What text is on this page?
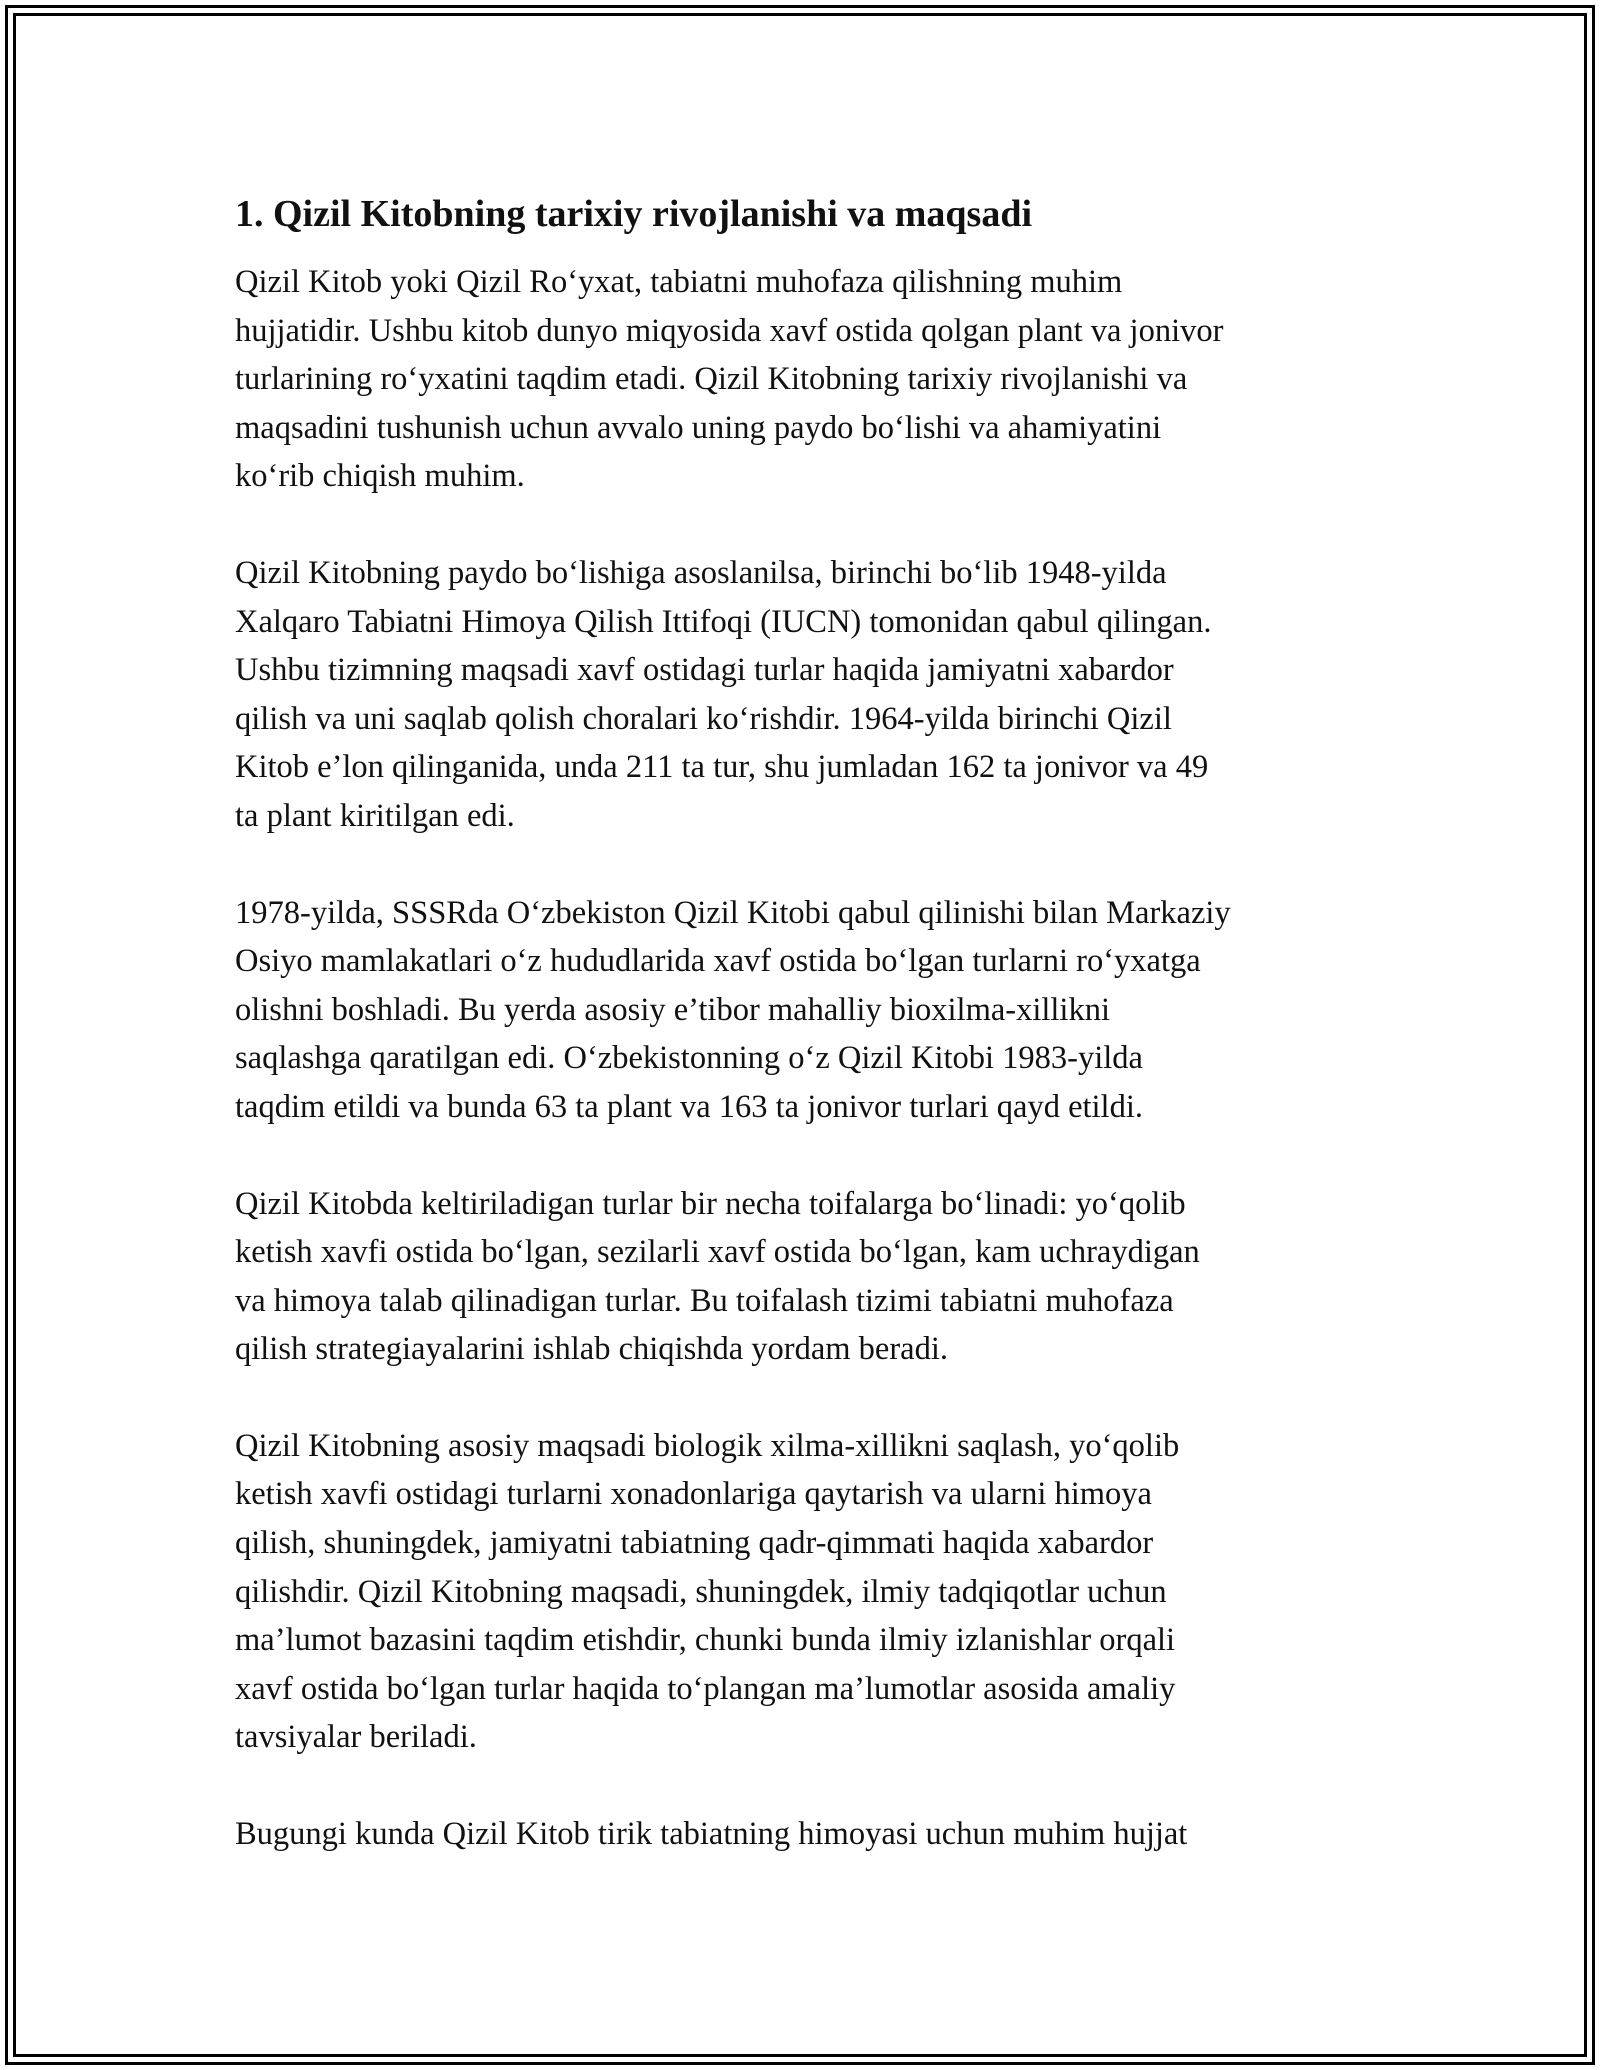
1. Qizil Kitobning tarixiy rivojlanishi va maqsadi

Qizil Kitob yoki Qizil Ro‘yxat, tabiatni muhofaza qilishning muhim
hujjatidir. Ushbu kitob dunyo miqyosida xavf ostida qolgan plant va jonivor
turlarining ro‘yxatini taqdim etadi. Qizil Kitobning tarixiy rivojlanishi va
maqsadini tushunish uchun avvalo uning paydo bo‘lishi va ahamiyatini
ko‘rib chiqish muhim.

Qizil Kitobning paydo bo‘lishiga asoslanilsa, birinchi bo‘lib 1948-yilda
Xalqaro Tabiatni Himoya Qilish Ittifoqi (IUCN) tomonidan qabul qilingan.
Ushbu tizimning maqsadi xavf ostidagi turlar haqida jamiyatni xabardor
qilish va uni saqlab qolish choralari ko‘rishdir. 1964-yilda birinchi Qizil
Kitob e’lon qilinganida, unda 211 ta tur, shu jumladan 162 ta jonivor va 49
ta plant kiritilgan edi.

1978-yilda, SSSRda O‘zbekiston Qizil Kitobi qabul qilinishi bilan Markaziy
Osiyo mamlakatlari o‘z hududlarida xavf ostida bo‘lgan turlarni ro‘yxatga
olishni boshladi. Bu yerda asosiy e’tibor mahalliy bioxilma-xillikni
saqlashga qaratilgan edi. O‘zbekistonning o‘z Qizil Kitobi 1983-yilda
taqdim etildi va bunda 63 ta plant va 163 ta jonivor turlari qayd etildi.

Qizil Kitobda keltiriladigan turlar bir necha toifalarga bo‘linadi: yo‘qolib
ketish xavfi ostida bo‘lgan, sezilarli xavf ostida bo‘lgan, kam uchraydigan
va himoya talab qilinadigan turlar. Bu toifalash tizimi tabiatni muhofaza
qilish strategiayalarini ishlab chiqishda yordam beradi.

Qizil Kitobning asosiy maqsadi biologik xilma-xillikni saqlash, yo‘qolib
ketish xavfi ostidagi turlarni xonadonlariga qaytarish va ularni himoya
qilish, shuningdek, jamiyatni tabiatning qadr-qimmati haqida xabardor
qilishdir. Qizil Kitobning maqsadi, shuningdek, ilmiy tadqiqotlar uchun
ma’lumot bazasini taqdim etishdir, chunki bunda ilmiy izlanishlar orqali
xavf ostida bo‘lgan turlar haqida to‘plangan ma’lumotlar asosida amaliy
tavsiyalar beriladi.

Bugungi kunda Qizil Kitob tirik tabiatning himoyasi uchun muhim hujjat
